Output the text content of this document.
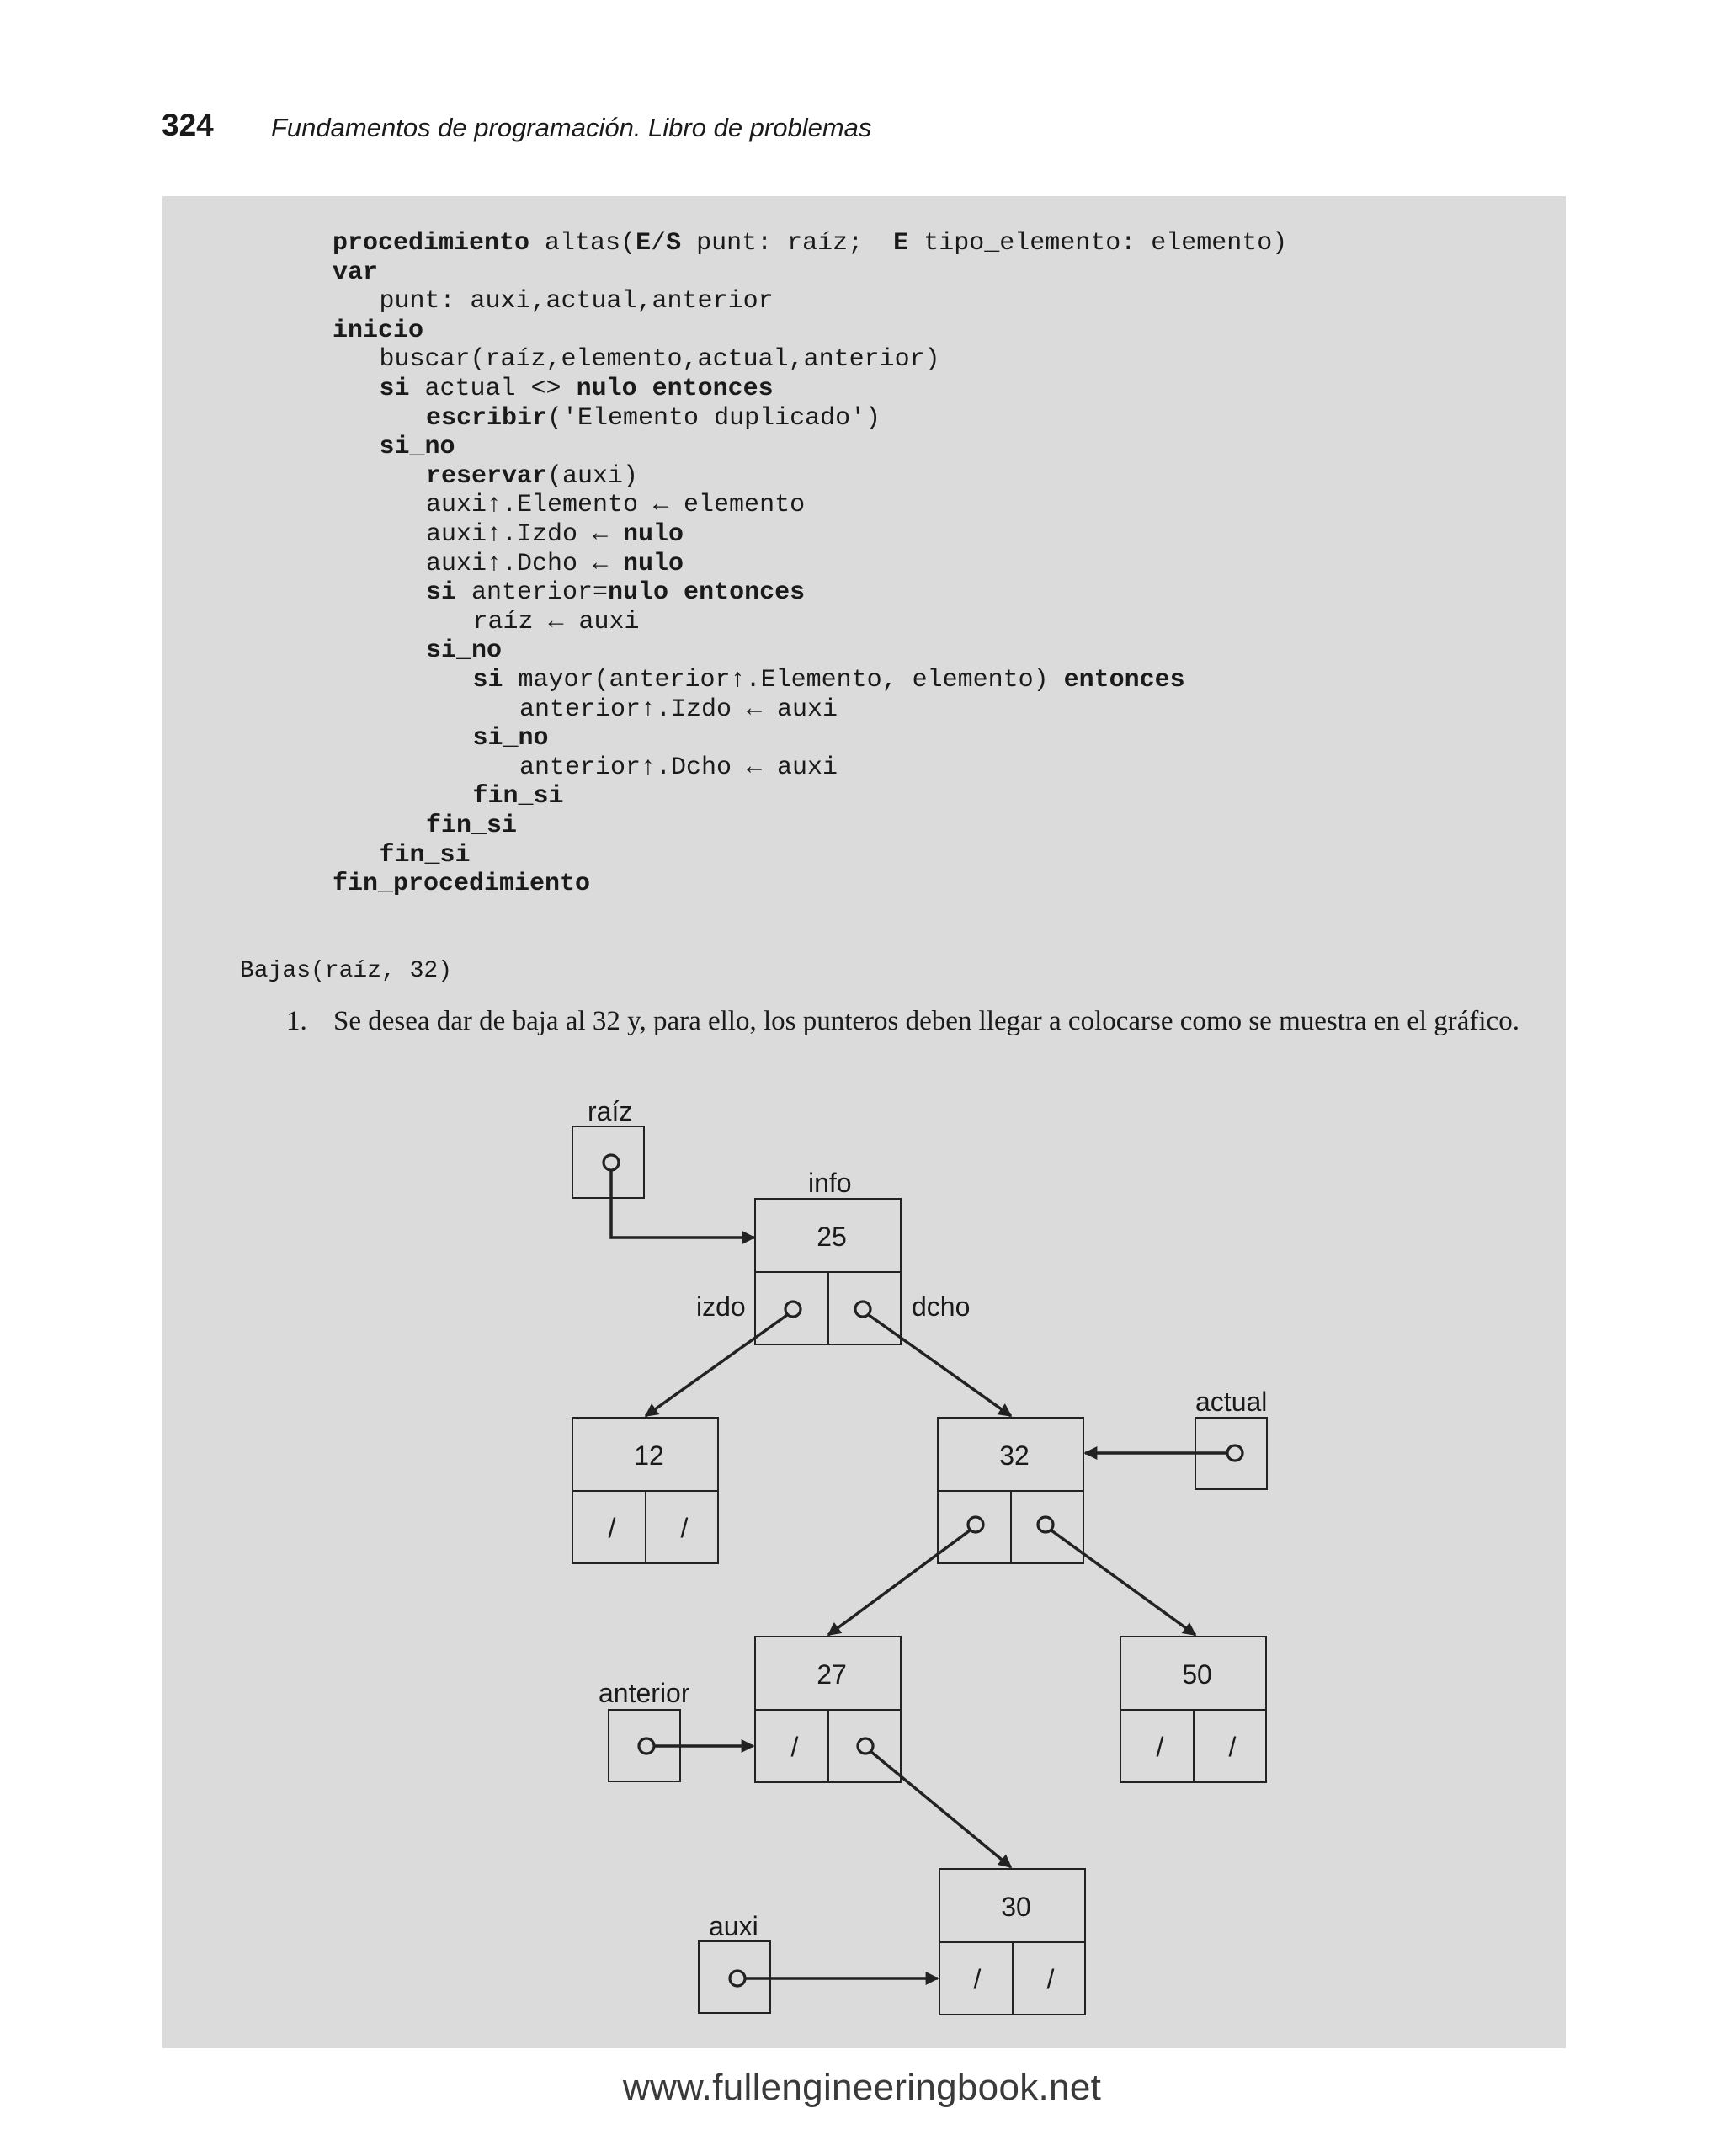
324 Fundamentos de programación. Libro de problemas
procedimiento altas(E/S punt: raíz;  E tipo_elemento: elemento)
var
punt: auxi,actual,anterior
inicio
buscar(raíz,elemento,actual,anterior)
si actual <> nulo entonces
escribir('Elemento duplicado')
si_no
reservar(auxi)
auxi↑.Elemento ← elemento
auxi↑.Izdo ← nulo
auxi↑.Dcho ← nulo
si anterior=nulo entonces
raíz ← auxi
si_no
si mayor(anterior↑.Elemento, elemento) entonces
anterior↑.Izdo ← auxi
si_no
anterior↑.Dcho ← auxi
fin_si
fin_si
fin_si
fin_procedimiento
Bajas(raíz, 32)
1. Se desea dar de baja al 32 y, para ello, los punteros deben llegar a colocarse como se muestra en el gráfico.
raíz
info
izdo	dcho
actual
anterior
auxi
25
12
/ /
32
27
/
50
/ /
30
/ /
www.fullengineeringbook.net
